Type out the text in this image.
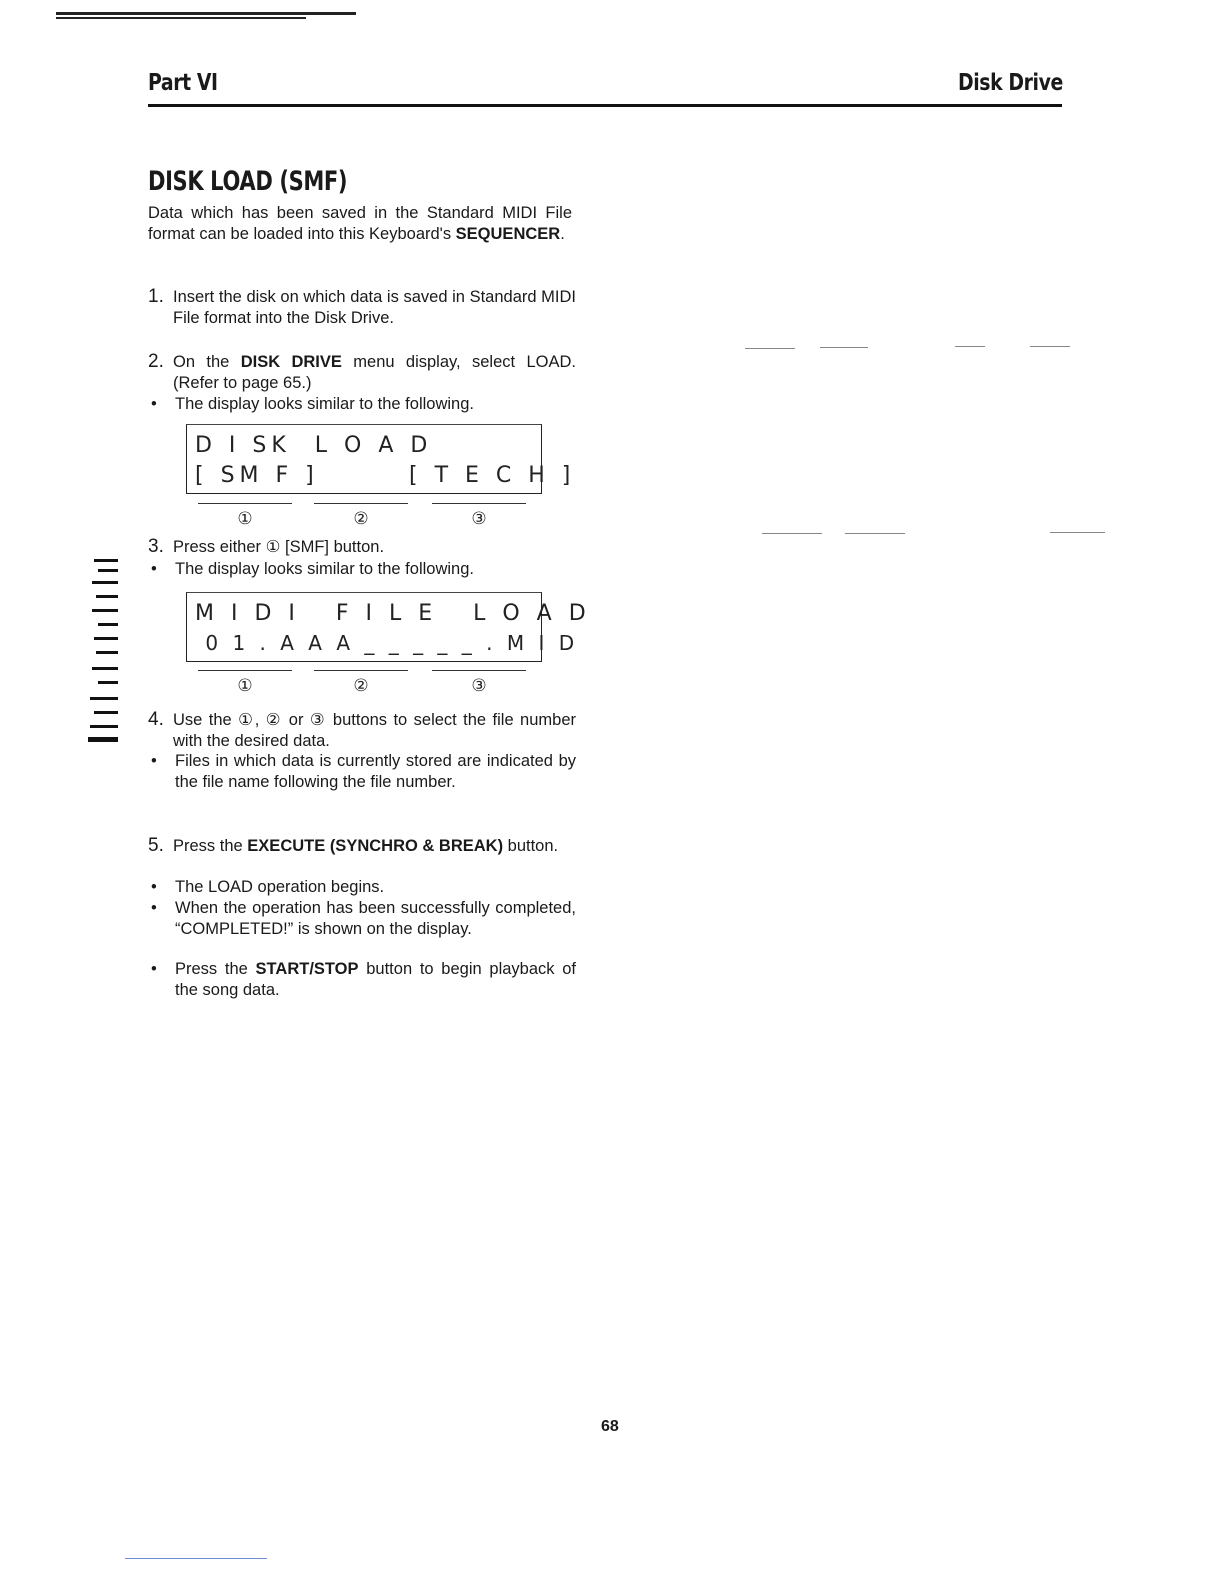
Part VI	Disk Drive
DISK LOAD (SMF)
Data which has been saved in the Standard MIDI File format can be loaded into this Keyboard's SEQUENCER.
1. Insert the disk on which data is saved in Standard MIDI File format into the Disk Drive.
2. On the DISK DRIVE menu display, select LOAD. (Refer to page 65.)
• The display looks similar to the following.
D I SK  L O A D
[ SM F ]	[ T E C H ]
①	②	③
3. Press either ① [SMF] button.
• The display looks similar to the following.
M I D I   F I L E   L O A D
0 1 . A A A _ _ _ _ _ . M I D
①	②	③
4. Use the ①, ② or ③ buttons to select the file number with the desired data.
• Files in which data is currently stored are indicated by the file name following the file number.
5. Press the EXECUTE (SYNCHRO & BREAK) button.
• The LOAD operation begins.
• When the operation has been successfully completed, “COMPLETED!” is shown on the display.
• Press the START/STOP button to begin playback of the song data.
68
